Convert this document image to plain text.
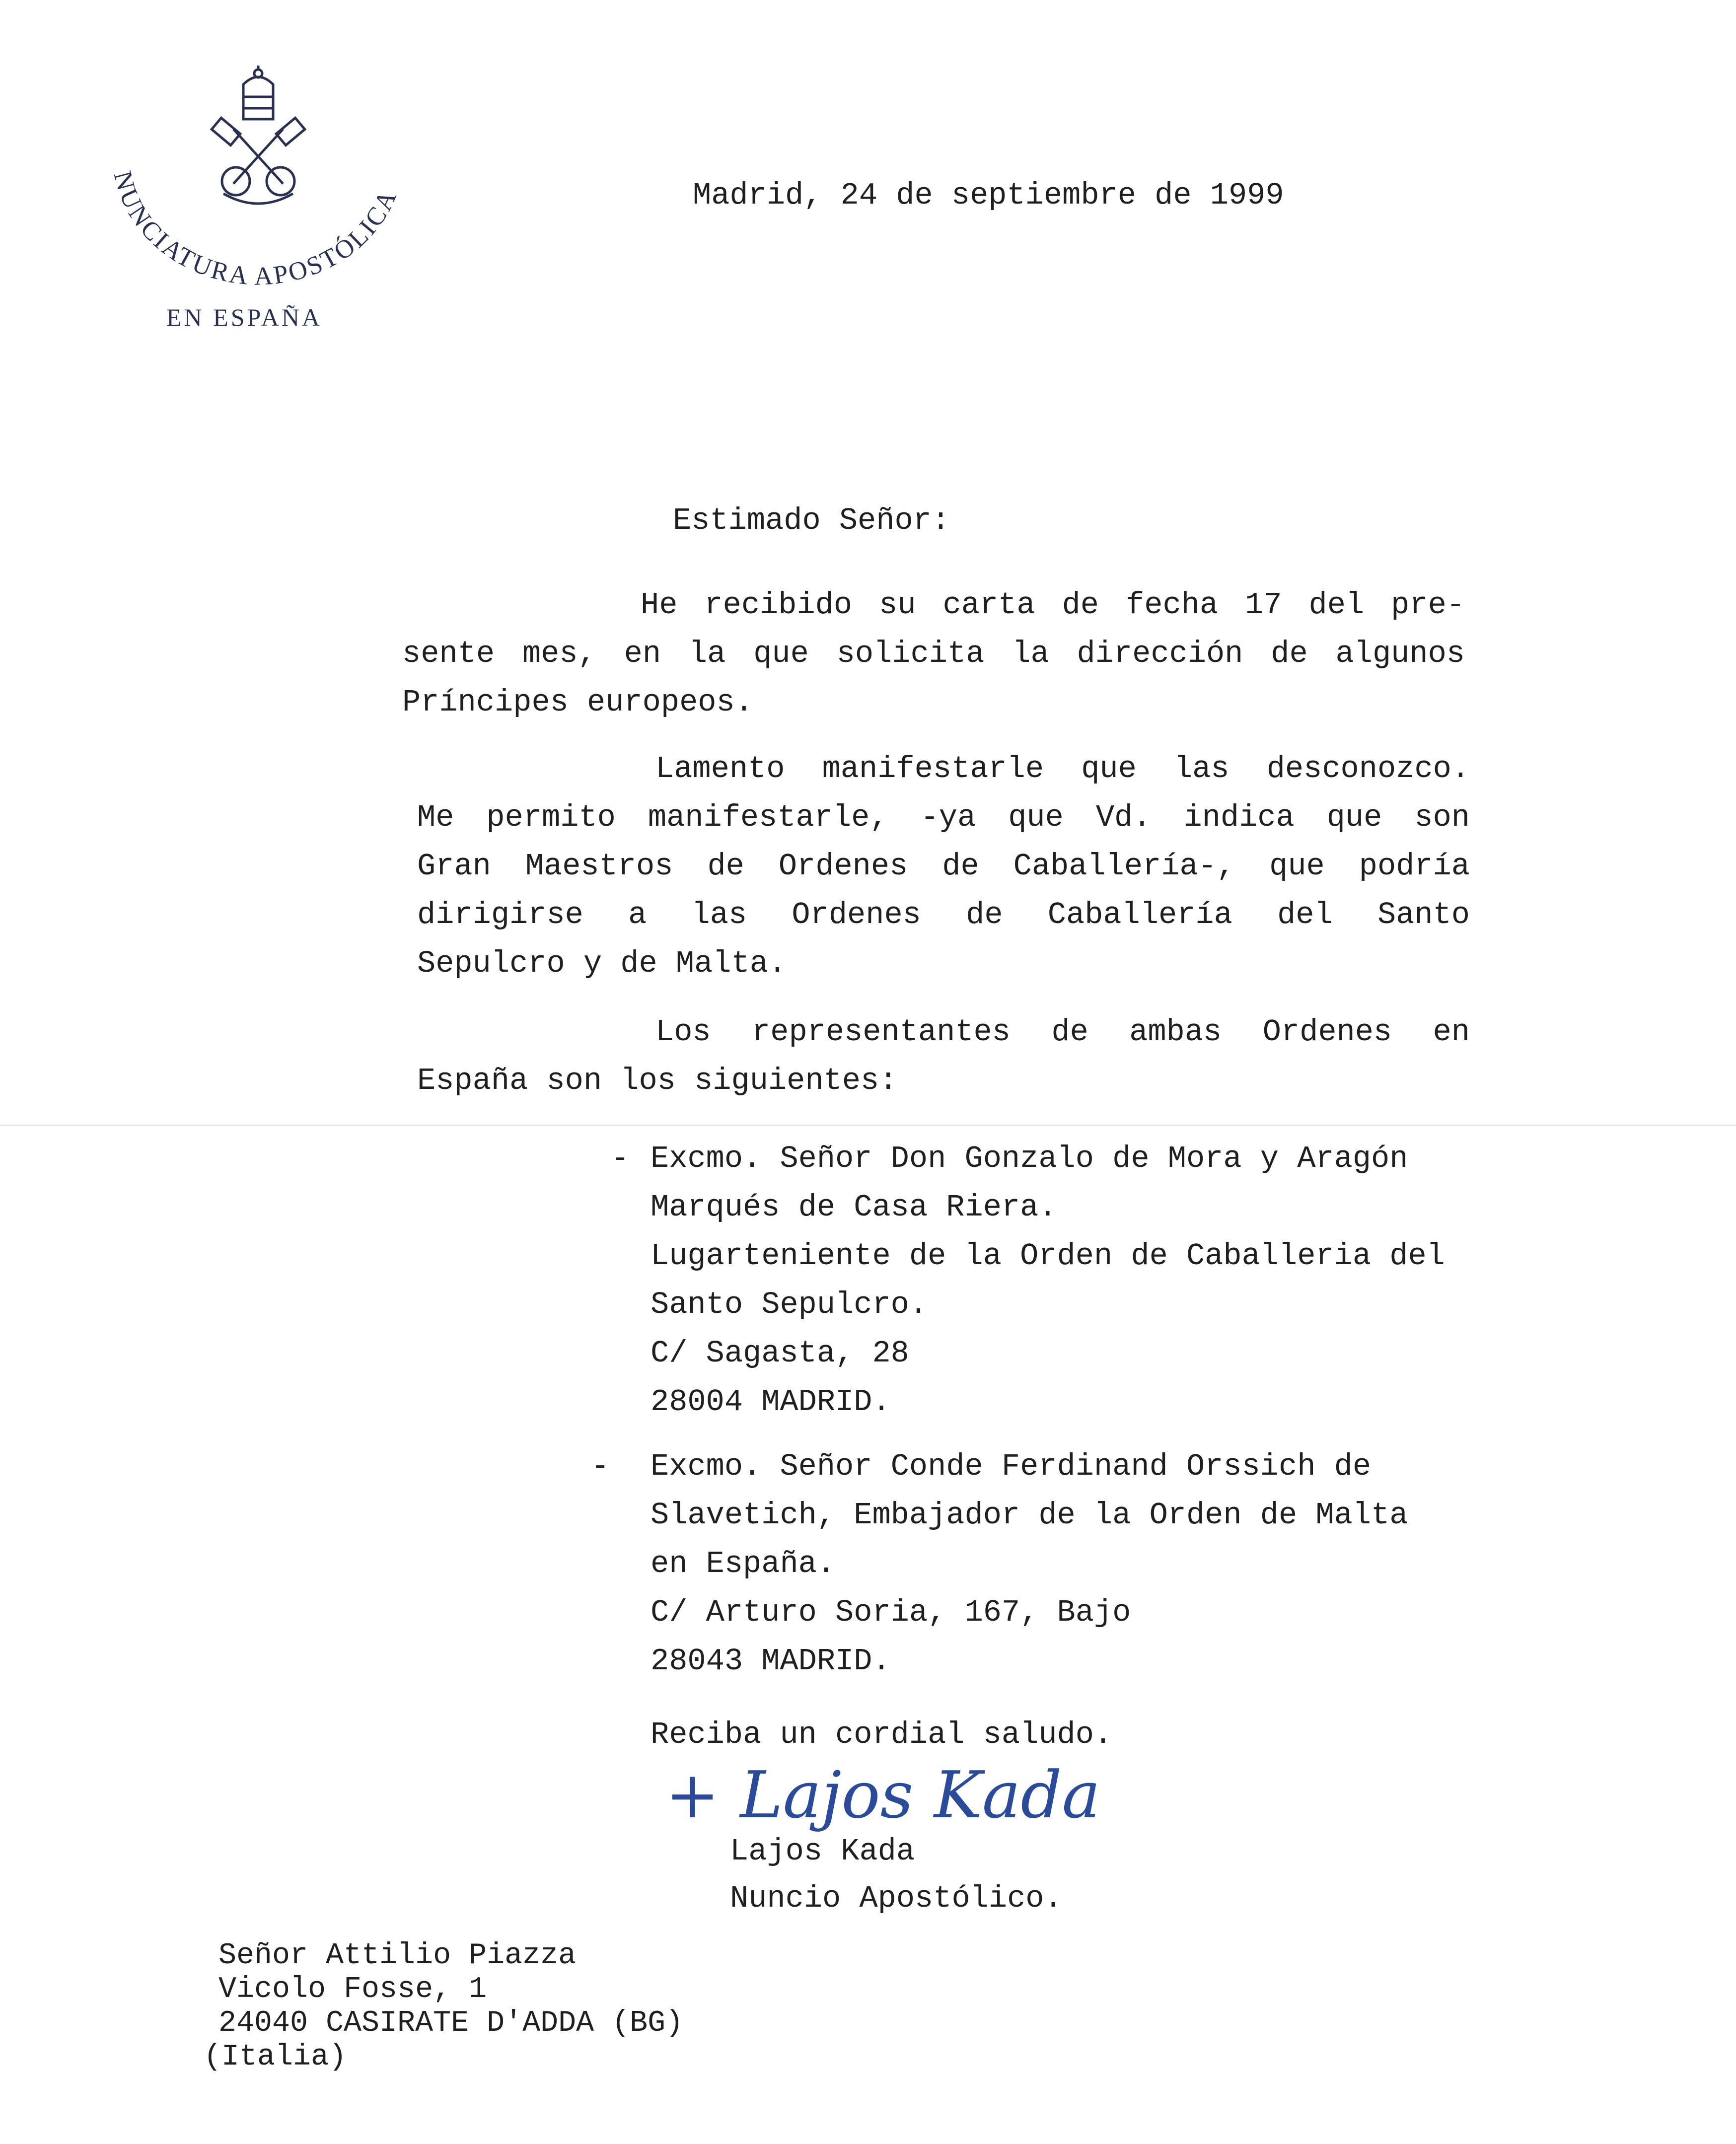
NUNCIATURA APOSTÓLICA
EN ESPAÑA
Madrid, 24 de septiembre de 1999
Estimado Señor:
He recibido su carta de fecha 17 del pre-
sente mes, en la que solicita la dirección de algunos
Príncipes europeos.
Lamento manifestarle que las desconozco.
Me permito manifestarle, -ya que Vd. indica que son
Gran Maestros de Ordenes de Caballería-, que podría
dirigirse a las Ordenes de Caballería del Santo
Sepulcro y de Malta.
Los representantes de ambas Ordenes en
España son los siguientes:
- Excmo. Señor Don Gonzalo de Mora y Aragón
Marqués de Casa Riera.
Lugarteniente de la Orden de Caballeria del
Santo Sepulcro.
C/ Sagasta, 28
28004 MADRID.
- Excmo. Señor Conde Ferdinand Orssich de
Slavetich, Embajador de la Orden de Malta
en España.
C/ Arturo Soria, 167, Bajo
28043 MADRID.
Reciba un cordial saludo.
+ Lajos Kada
Lajos Kada
Nuncio Apostólico.
Señor Attilio Piazza
Vicolo Fosse, 1
24040 CASIRATE D'ADDA (BG)
(Italia)
